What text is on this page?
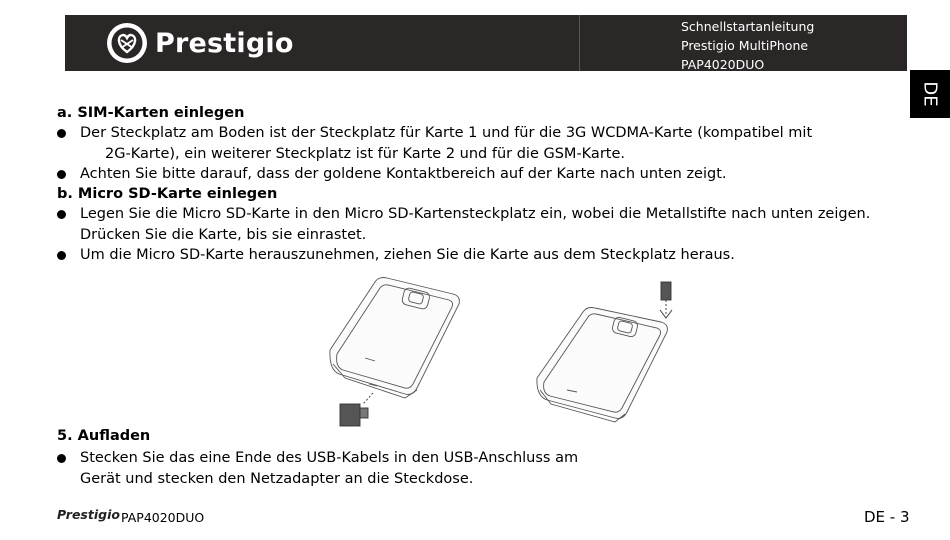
Prestigio
Schnellstartanleitung
Prestigio MultiPhone
PAP4020DUO
DE
a. SIM-Karten einlegen
Der Steckplatz am Boden ist der Steckplatz für Karte 1 und für die 3G WCDMA-Karte (kompatibel mit
2G-Karte), ein weiterer Steckplatz ist für Karte 2 und für die GSM-Karte.
Achten Sie bitte darauf, dass der goldene Kontaktbereich auf der Karte nach unten zeigt.
b. Micro SD-Karte einlegen
Legen Sie die Micro SD-Karte in den Micro SD-Kartensteckplatz ein, wobei die Metallstifte nach unten zeigen.
Drücken Sie die Karte, bis sie einrastet.
Um die Micro SD-Karte herauszunehmen, ziehen Sie die Karte aus dem Steckplatz heraus.
5. Aufladen
Stecken Sie das eine Ende des USB-Kabels in den USB-Anschluss am
Gerät und stecken den Netzadapter an die Steckdose.
Prestigio PAP4020DUO	DE - 3
